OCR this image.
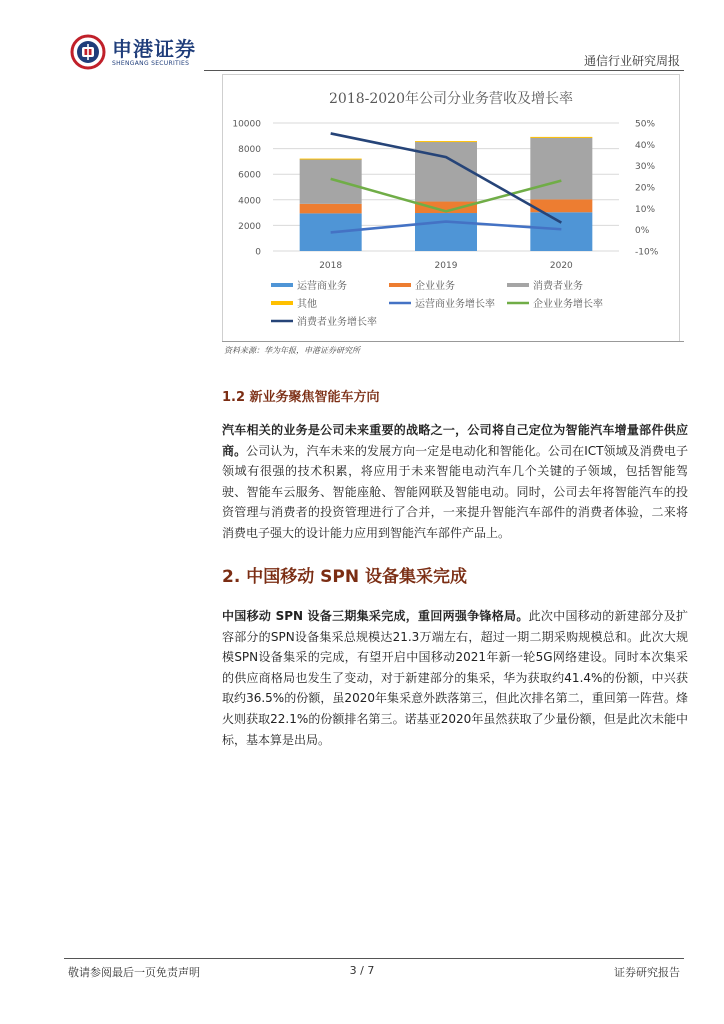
申港证券
SHENGANG SECURITIES	通信行业研究周报
2018-2020年公司分业务营收及增长率
10000
8000
6000
4000
2000
0
50%
40%
30%
20%
10%
0%
-10%
2018	2019	2020
运营商业务	企业业务	消费者业务
其他	运营商业务增长率	企业业务增长率
消费者业务增长率
资料来源：华为年报，申港证券研究所
1.2 新业务聚焦智能车方向
汽车相关的业务是公司未来重要的战略之一，公司将自己定位为智能汽车增量部件供应商。公司认为，汽车未来的发展方向一定是电动化和智能化。公司在ICT领域及消费电子领域有很强的技术积累，将应用于未来智能电动汽车几个关键的子领域，包括智能驾驶、智能车云服务、智能座舱、智能网联及智能电动。同时，公司去年将智能汽车的投资管理与消费者的投资管理进行了合并，一来提升智能汽车部件的消费者体验，二来将消费电子强大的设计能力应用到智能汽车部件产品上。
2. 中国移动 SPN 设备集采完成
中国移动 SPN 设备三期集采完成，重回两强争锋格局。此次中国移动的新建部分及扩容部分的SPN设备集采总规模达21.3万端左右，超过一期二期采购规模总和。此次大规模SPN设备集采的完成，有望开启中国移动2021年新一轮5G网络建设。同时本次集采的供应商格局也发生了变动，对于新建部分的集采，华为获取约41.4%的份额，中兴获取约36.5%的份额，虽2020年集采意外跌落第三，但此次排名第二，重回第一阵营。烽火则获取22.1%的份额排名第三。诺基亚2020年虽然获取了少量份额，但是此次未能中标，基本算是出局。
敬请参阅最后一页免责声明	3 / 7	证券研究报告
